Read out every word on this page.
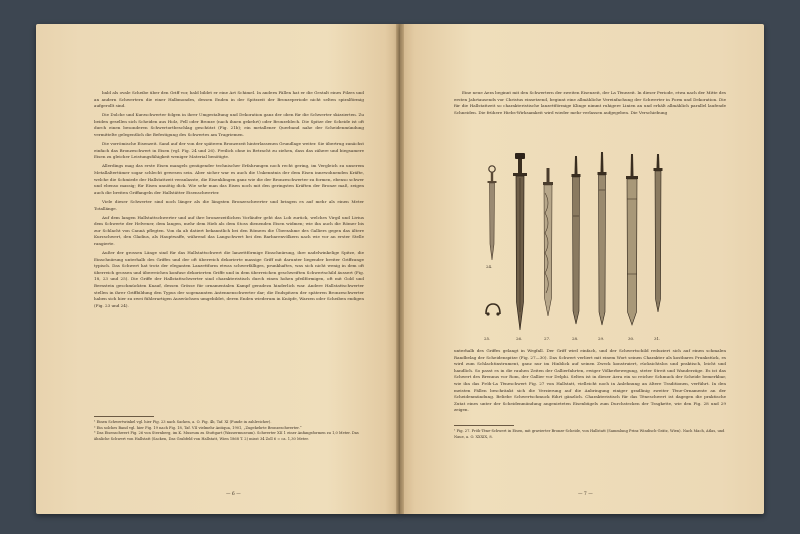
bald als ovale Scheibe über den Griff vor, bald bildet er eine Art Schimel. In andern Fällen hat er die Gestalt eines Pilzes und an andern Schwertern die einer Halbmondes, dessen Enden in der Spitzzeit der Bronzeperiode nicht selten spiralförmig aufgerollt sind.

Die Dolche und Kurzschwerter folgen in ihrer Umgestaltung und Dekoration ganz der oben für die Schwerter skizzierten. Zu beiden gesellen sich Scheiden aus Holz, Fell oder Bronze (nach ihnen gekehrt) oder Bronzeblech. Die Spitze der Scheide ist oft durch einen besonderen Schwertortbeschlag geschützt (Fig. 21b); ein metallener Querband nahe der Scheidenmündung vermittelte gelegentlich die Befestigung des Schwertes am Tragriemen.

Die vorrömische Eisenzeit. Sand auf der von der späteren Bronzezeit hinterlassenen Grundlage weiter. Sie übertrug zunächst einfach das Bronzeschwert in Eisen (vgl. Fig. 24 und 26). Freilich ohne in Betracht zu ziehen, dass das zähere und biegsamere Eisen zu gleicher Leistungsfähigkeit weniger Material benötigte.

Allerdings mag das erste Eisen mangels genügender technischer Erfahrungen noch recht gering, im Vergleich zu unserem Metallaltertümer sogar schlecht gewesen sein. Aber sicher war es auch die Unkenntnis der dem Eisen innewohnenden Kräfte, welche die Schmiede der Hallstattzeit veranlasste, die Eisenklingen ganz wie die der Bronzeschwerter zu formen, ebenso schwer und ebenso massig; für Eisen unnötig dick. Wie sehr man das Eisen noch mit den geringsten Kräften der Bronze maß, zeigen auch die breiten Griffangeln der Hallstätter Eisenschwerter.

Viele dieser Schwerter sind noch länger als die längsten Bronzeschwerter und bringen es auf mehr als einen Meter Totallänge.

Auf dem langen Hallstattschwerter und auf ihre bronzezeitlichen Vorläufer geht das Lob zurück, welches Virgil und Livius dem Schwerte der Helvener, dem langen, mehr dem Hieb als dem Stoss dienenden Eisen widmen; wie ihn auch die Römer bis zur Schlacht von Cannä pflegten. Von da ab datiert bekanntlich bei den Römern die Überzahme des Galliers gegen das ältere Kurzschwert, den Gladius, als Hauptwaffe, während das Langschwert bei den Barbarenvölkern nach wie vor an erster Stelle rangierte.

Außer der grossen Länge sind für das Hallstattschwert die lanzettförmige Einschnürung, ihre nadelwinkelige Spitze, die Einschnürung unterhalb des Griffes und der oft überreich dekorierte massige Griff mit darunter liegender breiter Griffzunge typisch. Das Schwert hat trotz der eleganten Lanzettform etwas schwerfälliges, prunkhaftes, was sich nicht wenig in dem oft überreich grossen und überreichen konfuse dekorierten Griffe und in dem überreichen geschweiften Schwertschild äussert (Fig. 18, 23 und 25). Die Griffe der Hallstattschwerter sind charakteristisch durch einen hohen pfeilförmigen, oft mit Gold und Bernstein geschmückten Knauf, dessen Grösse für ornamentalen Kampf geradezu hinderlich war. Andere Hallstattschwerter stellen in ihrer Griffbildung den Typus der sogenannten Antennenschwerter dar; die Endspitzen der späteren Bronzeschwerter haben sich hier zu zwei fühlerartigen Auswüchsen umgebildet, deren Enden wiederum in Knöpfe, Warzen oder Scheiben endigen (Fig. 23 und 24).

¹ Einen Schwertwinkel vgl. hier Fig. 23 nach Sacken, a. O. Fig. 4b, Taf. XI (Funde in zahlreicher).

² Ein solches Band vgl. hier Fig. 19 nach Fig. 18, Taf. VII vielmehr Antiqua, 1901, „Zugekehrte Bronzeschwerter.“

³ Das Eisenschwert Fig. 26 von Sternberg, im K. Museum zu Stuttgart (Wassermuseum). Schwerter XII 1 einer Anfangsformen zu 1,0 Meter. Das ähnliche Schwert von Hallstatt (Sacken, Das Grabfeld von Hallstatt, Wien 1868 T. 2) misst 34 Zoll 6 = ca. 1,30 Meter.

— 6 —

Eine neue Aera beginnt mit den Schwertern der zweiten Eisenzeit, der La Tènezeit. In dieser Periode, etwa nach der Mitte des ersten Jahrtausends vor Christus einsetzend, beginnt eine allmähliche Vereinfachung der Schwerter in Form und Dekoration. Die für die Hallstattzeit so charakteristische lanzettförmige Klinge nimmt ruhigere Linien an und erhält allmählich parallel laufende Schneiden. Die frühere Hiebs-Wirksamkeit wird wieder mehr verlassen aufgegeben. Die Verschiebung

24.
25.	26.	27.	28.	29.	30.	31.

unterhalb des Griffes gelangt in Wegfall. Der Griff wird einfach, und der Schwertschild reduziert sich auf einen schmalen Randbelag der Scheidenspitze (Fig. 27—30). Das Schwert verliert mit einem Wort seinen Charakter als kostbares Prunkstück, es wird zum Schlachtinstrument, ganz nur im Hinblick auf seinen Zweck konstruiert, rücksichtslos und praktisch, leicht und handlich. So passt es in die rauhen Zeiten der Gallierfahrten, ewiger Völkerbewegung, steter Streit und Wanderzüge. Es ist das Schwert des Brennus vor Rom, der Gallier vor Delphi. Selten ist in dieser Aera ein so reicher Schmuck der Scheide bemerkbar, wie ihn das Fröh-La Tèneschwert Fig. 27 von Hallstatt, vielleicht noch in Anlehnung an ältere Traditionen, verführt. In den meisten Fällen beschränkt sich die Verzierung auf die Anbringung einiger gradlinig zweiter Tène-Ornamente an der Scheidenmündung. Beliebe Schwertschmuck führt gänzlich. Charakteristisch für das Tèneschwert ist dagegen die praktische Zutat eines unter der Scheidenmündung angenieteten Eisenbügels zum Durchstecken der Tragkette, wie den Fig. 28 und 29 zeigen.

¹ Fig. 27. Fröh-Tène-Schwert in Eisen, mit gravierter Bronze-Scheide, von Hallstatt (Sammlung Prinz Windisch-Grätz, Wien). Nach Mach, Atlas, und Naue, a. O. XXXIX, 8.

— 7 —
